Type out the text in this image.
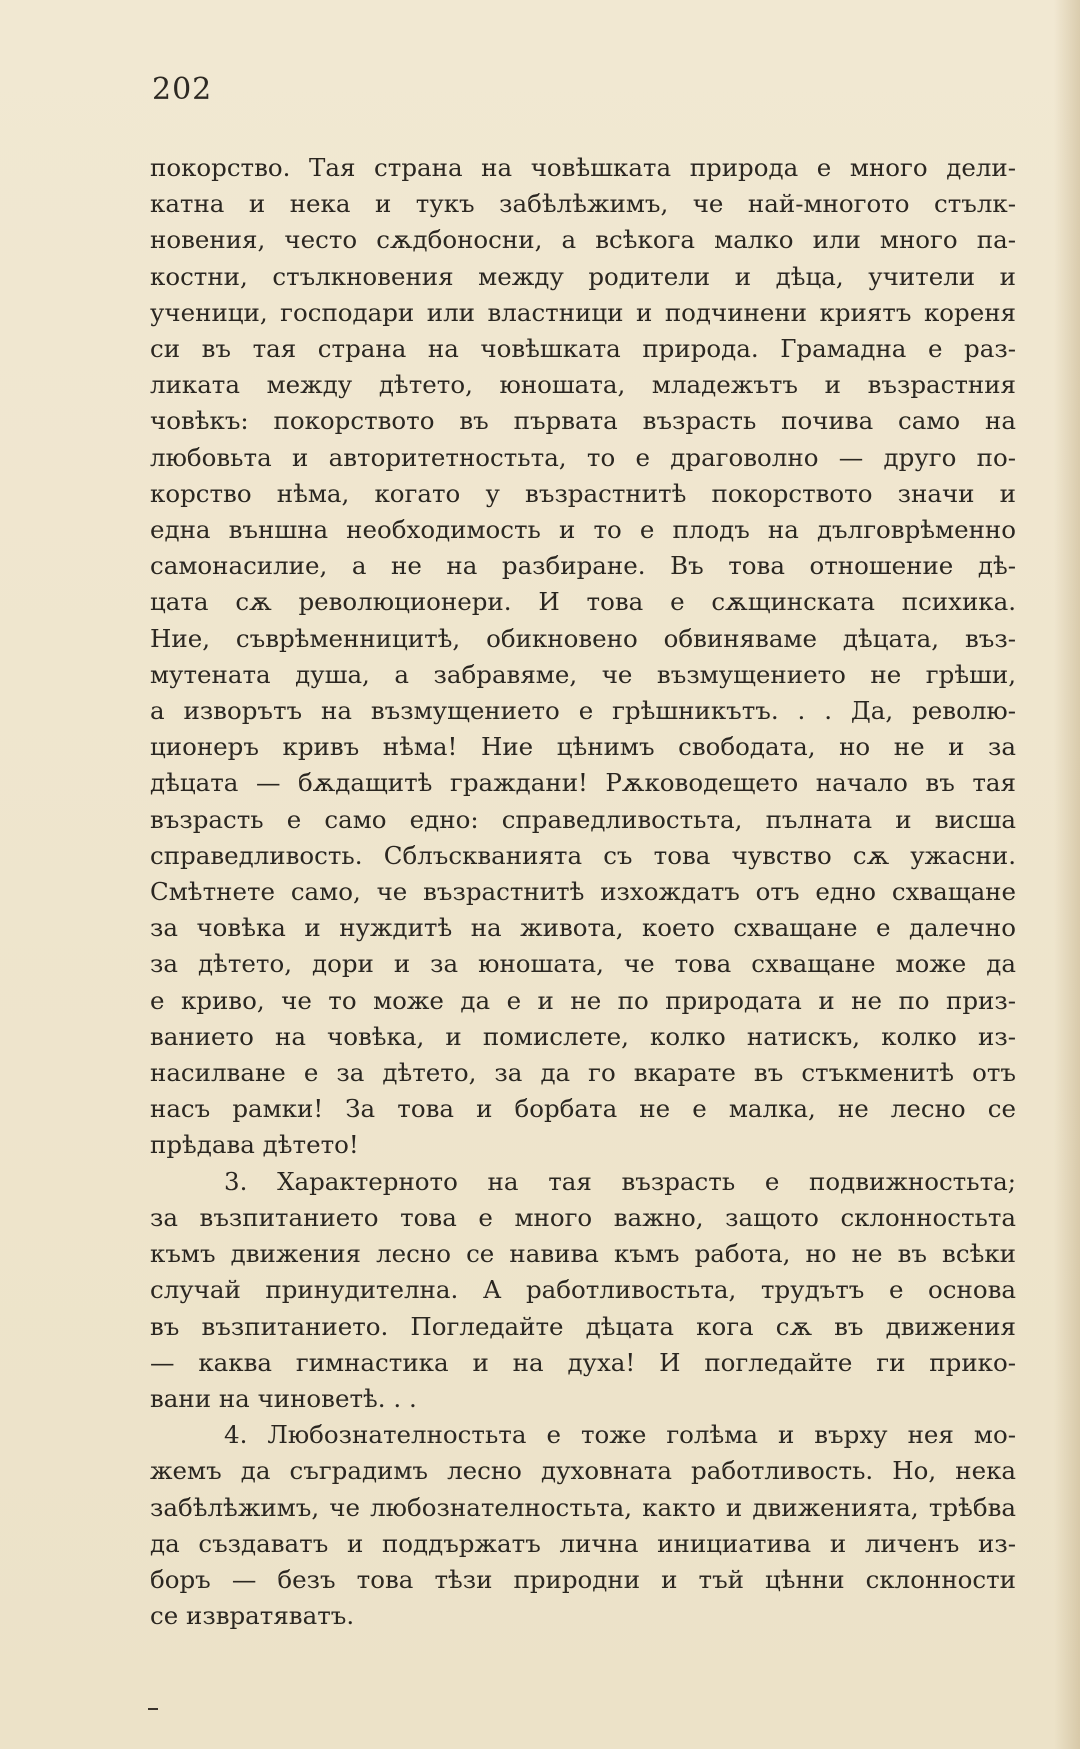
202
покорство. Тая страна на човѣшката природа е много дели-
катна и нека и тукъ забѣлѣжимъ, че най-многото стълк-
новения, често сѫдбоносни, а всѣкога малко или много па-
костни, стълкновения между родители и дѣца, учители и
ученици, господари или властници и подчинени криятъ кореня
си въ тая страна на човѣшката природа. Грамадна е раз-
ликата между дѣтето, юношата, младежътъ и възрастния
човѣкъ: покорството въ първата възрасть почива само на
любовьта и авторитетностьта, то е драговолно — друго по-
корство нѣма, когато у възрастнитѣ покорството значи и
една външна необходимость и то е плодъ на дълговрѣменно
самонасилие, а не на разбиране. Въ това отношение дѣ-
цата сѫ революционери. И това е сѫщинската психика.
Ние, съврѣменницитѣ, обикновено обвиняваме дѣцата, въз-
мутената душа, а забравяме, че възмущението не грѣши,
а изворътъ на възмущението е грѣшникътъ. . . Да, револю-
ционеръ кривъ нѣма! Ние цѣнимъ свободата, но не и за
дѣцата — бѫдащитѣ граждани! Рѫководещето начало въ тая
възрасть е само едно: справедливостьта, пълната и висша
справедливость. Сблъскванията съ това чувство сѫ ужасни.
Смѣтнете само, че възрастнитѣ изхождатъ отъ едно схващане
за човѣка и нуждитѣ на живота, което схващане е далечно
за дѣтето, дори и за юношата, че това схващане може да
е криво, че то може да е и не по природата и не по приз-
ванието на човѣка, и помислете, колко натискъ, колко из-
насилване е за дѣтето, за да го вкарате въ стъкменитѣ отъ
насъ рамки! За това и борбата не е малка, не лесно се
прѣдава дѣтето!
3. Характерното на тая възрасть е подвижностьта;
за възпитанието това е много важно, защото склонностьта
къмъ движения лесно се навива къмъ работа, но не въ всѣки
случай принудителна. А работливостьта, трудътъ е основа
въ възпитанието. Погледайте дѣцата кога сѫ въ движения
— каква гимнастика и на духа! И погледайте ги прико-
вани на чиноветѣ. . .
4. Любознателностьта е тоже голѣма и върху нея мо-
жемъ да съградимъ лесно духовната работливость. Но, нека
забѣлѣжимъ, че любознателностьта, както и движенията, трѣбва
да създаватъ и поддържатъ лична инициатива и личенъ из-
боръ — безъ това тѣзи природни и тъй цѣнни склонности
се извратяватъ.
